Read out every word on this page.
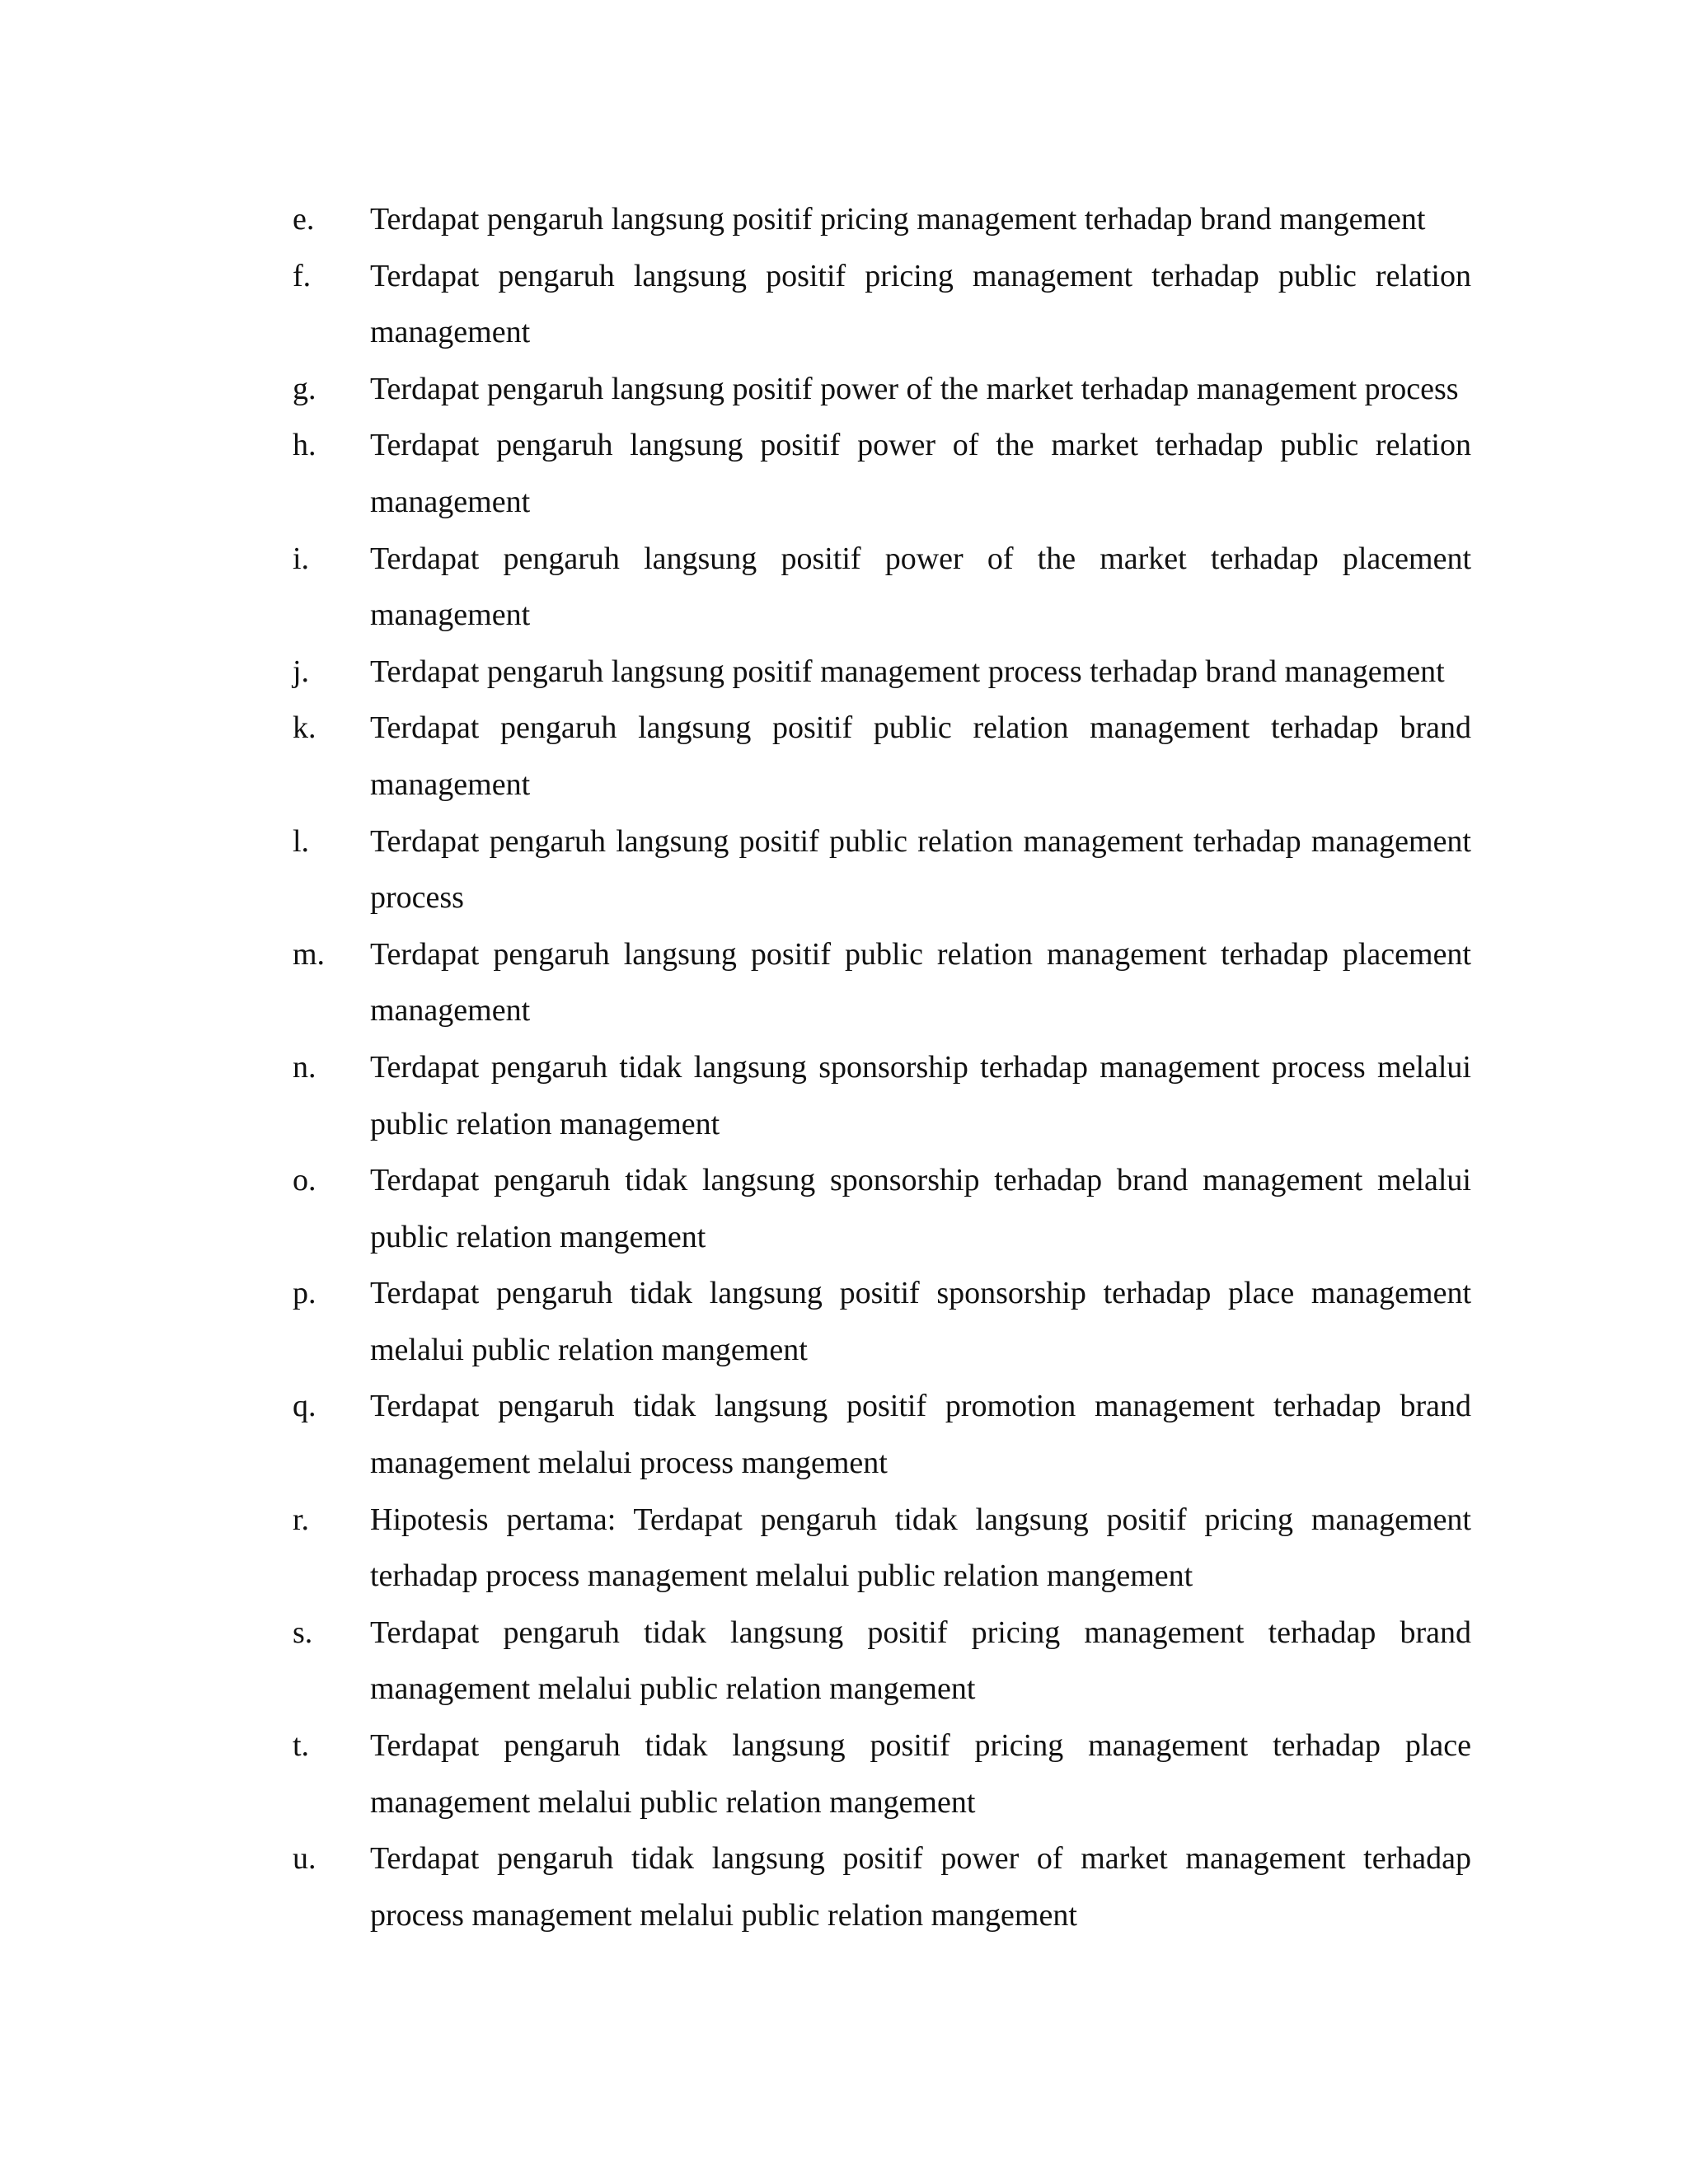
e.	Terdapat pengaruh langsung positif pricing management terhadap brand mangement
f.	Terdapat pengaruh langsung positif pricing management terhadap public relation management
g.	Terdapat pengaruh langsung positif power of the market terhadap management process
h.	Terdapat pengaruh langsung positif power of the market terhadap public relation management
i.	Terdapat pengaruh langsung positif power of the market terhadap placement management
j.	Terdapat pengaruh langsung positif management process terhadap brand management
k.	Terdapat pengaruh langsung positif public relation management terhadap brand management
l.	Terdapat pengaruh langsung positif public relation management terhadap management process
m.	Terdapat pengaruh langsung positif public relation management terhadap placement management
n.	Terdapat pengaruh tidak langsung sponsorship terhadap management process melalui public relation management
o.	Terdapat pengaruh tidak langsung sponsorship terhadap brand management melalui public relation mangement
p.	Terdapat pengaruh tidak langsung positif sponsorship terhadap place management melalui public relation mangement
q.	Terdapat pengaruh tidak langsung positif promotion management terhadap brand management melalui process mangement
r.	Hipotesis pertama: Terdapat pengaruh tidak langsung positif pricing management terhadap process management melalui public relation mangement
s.	Terdapat pengaruh tidak langsung positif pricing management terhadap brand management melalui public relation mangement
t.	Terdapat pengaruh tidak langsung positif pricing management terhadap place management melalui public relation mangement
u.	Terdapat pengaruh tidak langsung positif power of market management terhadap process management melalui public relation mangement
